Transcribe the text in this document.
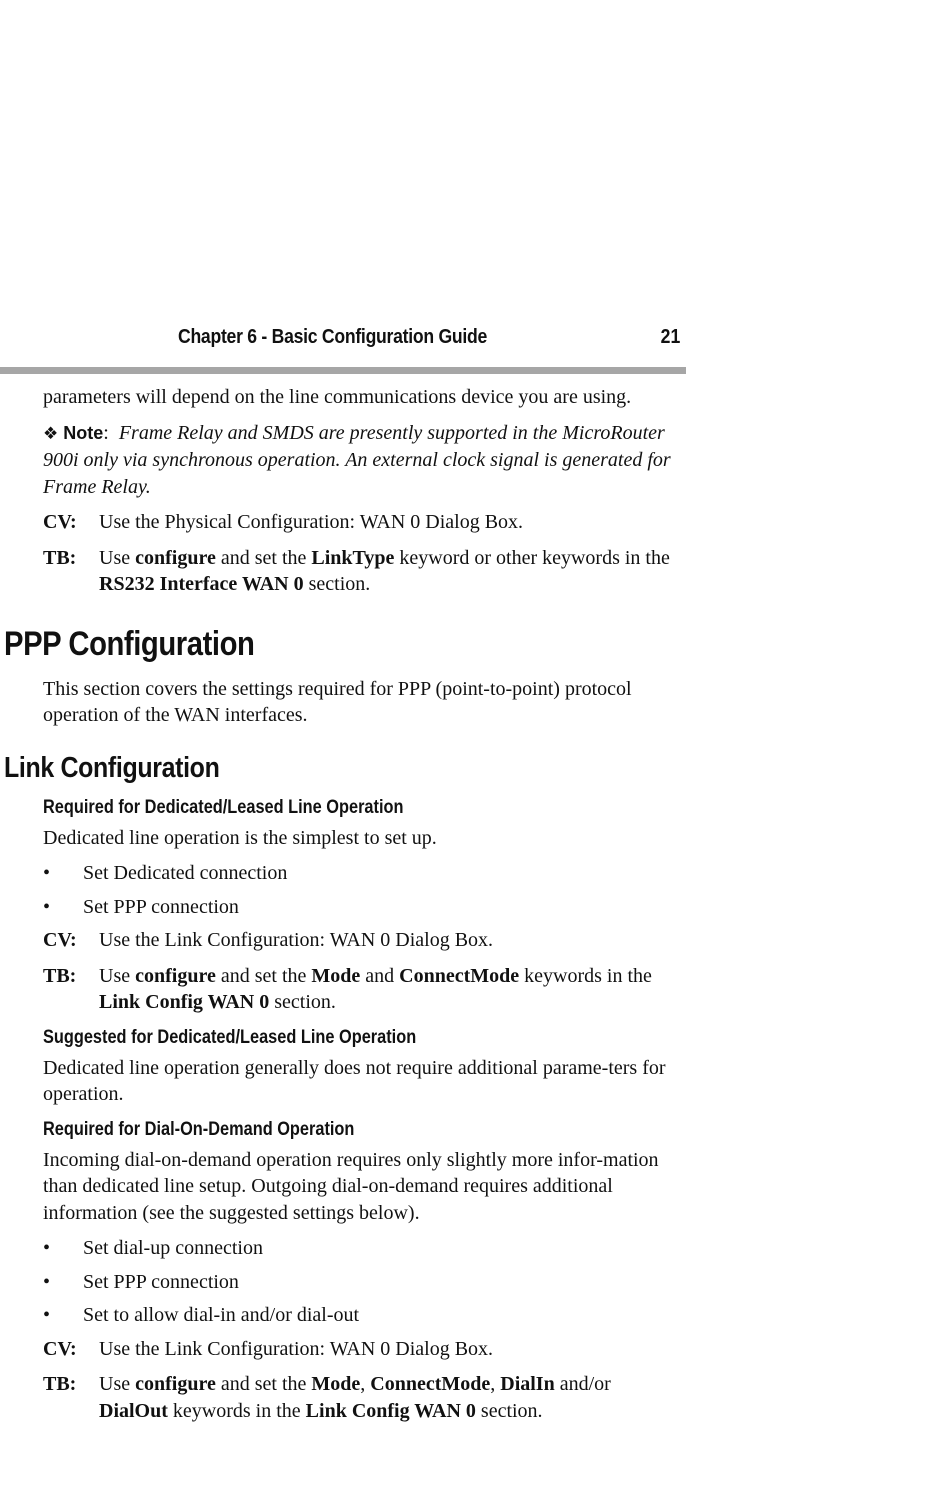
Chapter 6 - Basic Configuration Guide	21

parameters will depend on the line communications device you are using.

❖ Note: Frame Relay and SMDS are presently supported in the MicroRouter 900i only via synchronous operation. An external clock signal is generated for Frame Relay.

CV:	Use the Physical Configuration: WAN 0 Dialog Box.
TB:	Use configure and set the LinkType keyword or other keywords in the RS232 Interface WAN 0 section.
PPP Configuration

This section covers the settings required for PPP (point-to-point) protocol operation of the WAN interfaces.

Link Configuration
Required for Dedicated/Leased Line Operation

Dedicated line operation is the simplest to set up.

•	Set Dedicated connection
•	Set PPP connection
CV:	Use the Link Configuration: WAN 0 Dialog Box.
TB:	Use configure and set the Mode and ConnectMode keywords in the Link Config WAN 0 section.
Suggested for Dedicated/Leased Line Operation

Dedicated line operation generally does not require additional parame-ters for operation.

Required for Dial-On-Demand Operation

Incoming dial-on-demand operation requires only slightly more infor-mation than dedicated line setup. Outgoing dial-on-demand requires additional information (see the suggested settings below).

•	Set dial-up connection
•	Set PPP connection
•	Set to allow dial-in and/or dial-out
CV:	Use the Link Configuration: WAN 0 Dialog Box.
TB:	Use configure and set the Mode, ConnectMode, DialIn and/or DialOut keywords in the Link Config WAN 0 section.
